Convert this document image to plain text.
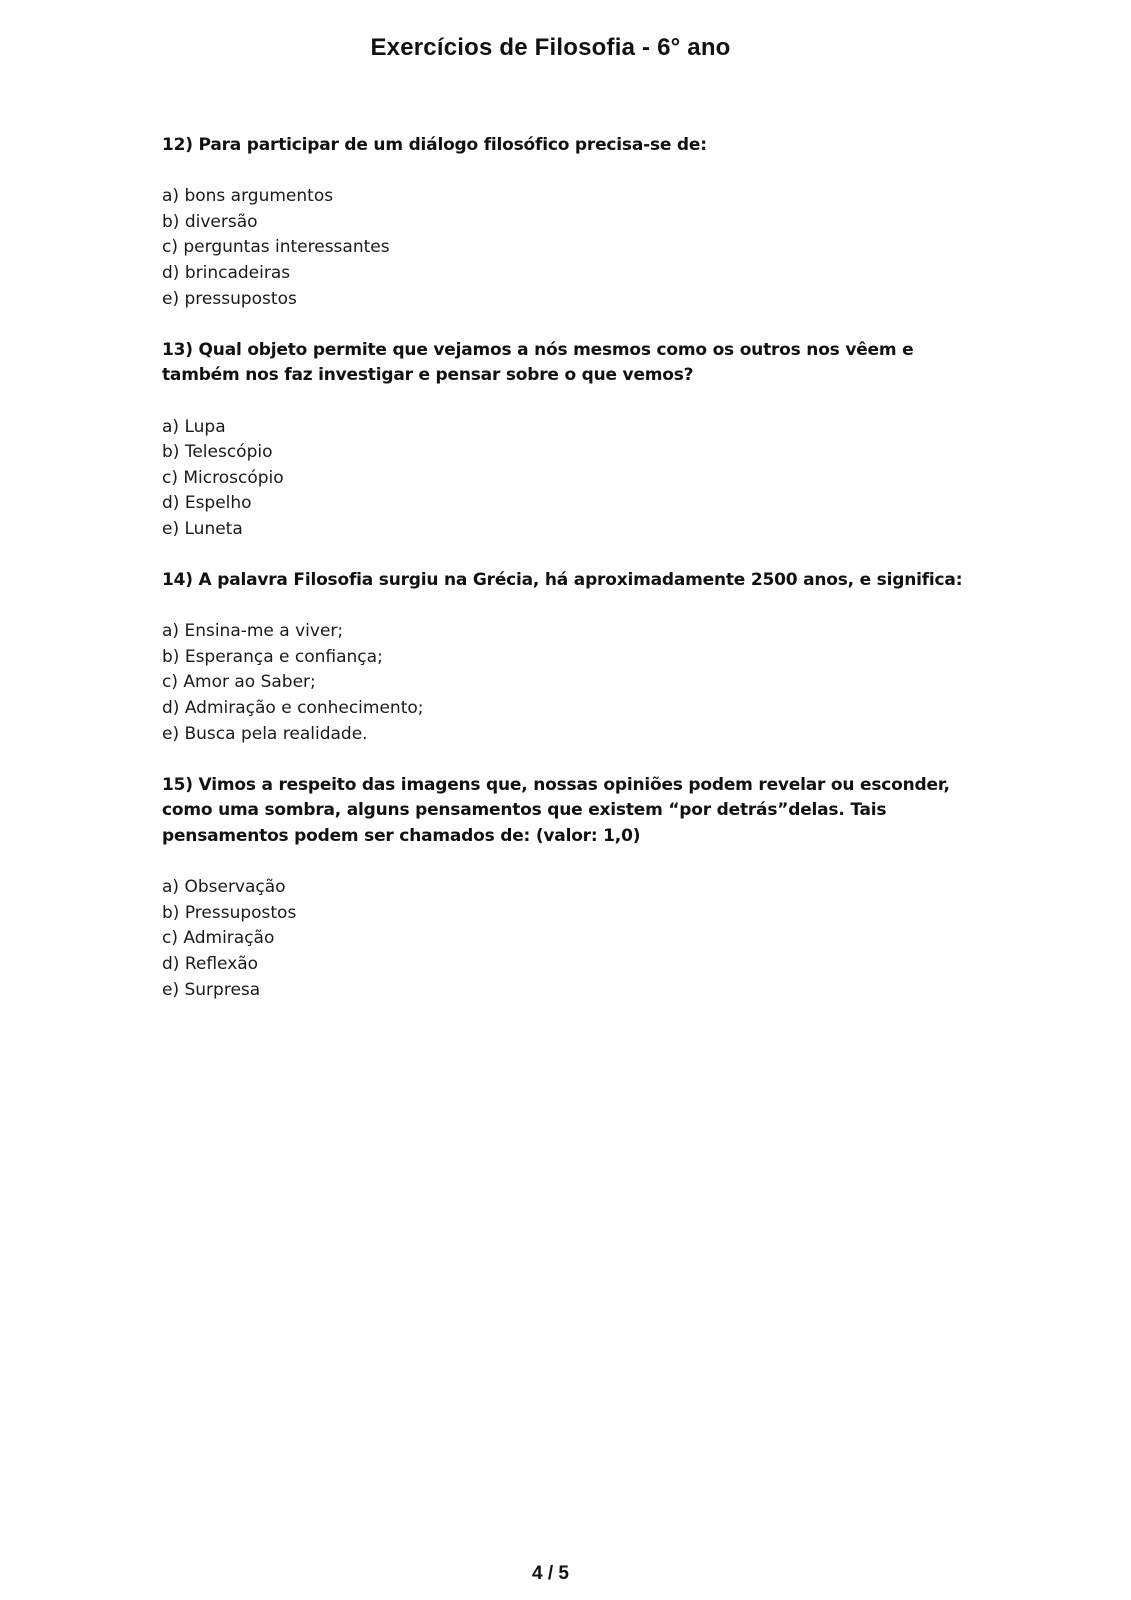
Exercícios de Filosofia - 6° ano
12) Para participar de um diálogo filosófico precisa-se de:
a) bons argumentos
b) diversão
c) perguntas interessantes
d) brincadeiras
e) pressupostos
13) Qual objeto permite que vejamos a nós mesmos como os outros nos vêem e também nos faz investigar e pensar sobre o que vemos?
a) Lupa
b) Telescópio
c) Microscópio
d) Espelho
e) Luneta
14) A palavra Filosofia surgiu na Grécia, há aproximadamente 2500 anos, e significa:
a) Ensina-me a viver;
b) Esperança e confiança;
c) Amor ao Saber;
d) Admiração e conhecimento;
e) Busca pela realidade.
15) Vimos a respeito das imagens que, nossas opiniões podem revelar ou esconder, como uma sombra, alguns pensamentos que existem “por detrás”delas. Tais pensamentos podem ser chamados de: (valor: 1,0)
a) Observação
b) Pressupostos
c) Admiração
d) Reflexão
e) Surpresa
4 / 5
